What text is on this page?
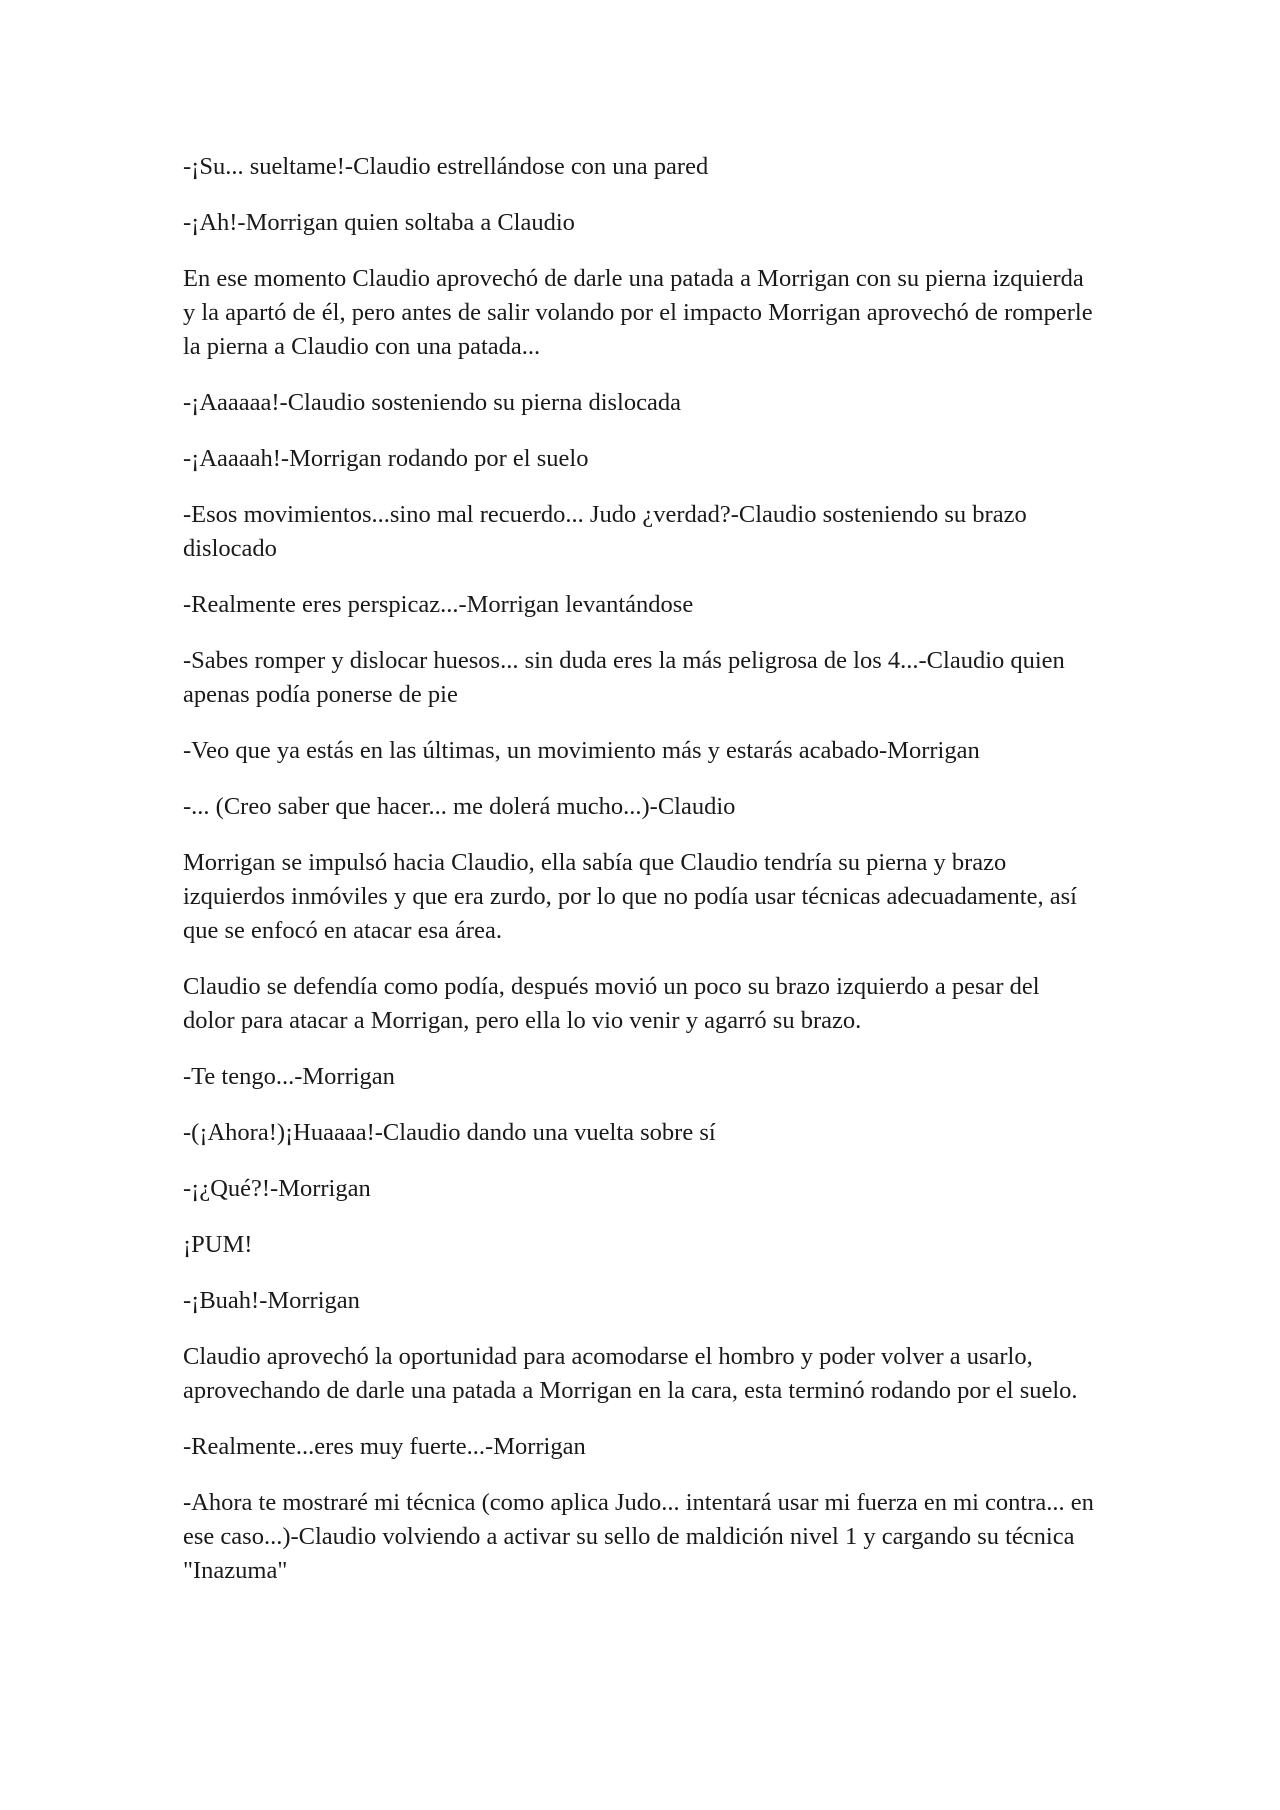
-¡Su... sueltame!-Claudio estrellándose con una pared

-¡Ah!-Morrigan quien soltaba a Claudio

En ese momento Claudio aprovechó de darle una patada a Morrigan con su pierna izquierda y la apartó de él, pero antes de salir volando por el impacto Morrigan aprovechó de romperle la pierna a Claudio con una patada...

-¡Aaaaaa!-Claudio sosteniendo su pierna dislocada

-¡Aaaaah!-Morrigan rodando por el suelo

-Esos movimientos...sino mal recuerdo... Judo ¿verdad?-Claudio sosteniendo su brazo dislocado

-Realmente eres perspicaz...-Morrigan levantándose

-Sabes romper y dislocar huesos... sin duda eres la más peligrosa de los 4...-Claudio quien apenas podía ponerse de pie

-Veo que ya estás en las últimas, un movimiento más y estarás acabado-Morrigan

-... (Creo saber que hacer... me dolerá mucho...)-Claudio

Morrigan se impulsó hacia Claudio, ella sabía que Claudio tendría su pierna y brazo izquierdos inmóviles y que era zurdo, por lo que no podía usar técnicas adecuadamente, así que se enfocó en atacar esa área.

Claudio se defendía como podía, después movió un poco su brazo izquierdo a pesar del dolor para atacar a Morrigan, pero ella lo vio venir y agarró su brazo.

-Te tengo...-Morrigan

-(¡Ahora!)¡Huaaaa!-Claudio dando una vuelta sobre sí

-¡¿Qué?!-Morrigan

¡PUM!

-¡Buah!-Morrigan

Claudio aprovechó la oportunidad para acomodarse el hombro y poder volver a usarlo, aprovechando de darle una patada a Morrigan en la cara, esta terminó rodando por el suelo.

-Realmente...eres muy fuerte...-Morrigan

-Ahora te mostraré mi técnica (como aplica Judo... intentará usar mi fuerza en mi contra... en ese caso...)-Claudio volviendo a activar su sello de maldición nivel 1 y cargando su técnica "Inazuma"
